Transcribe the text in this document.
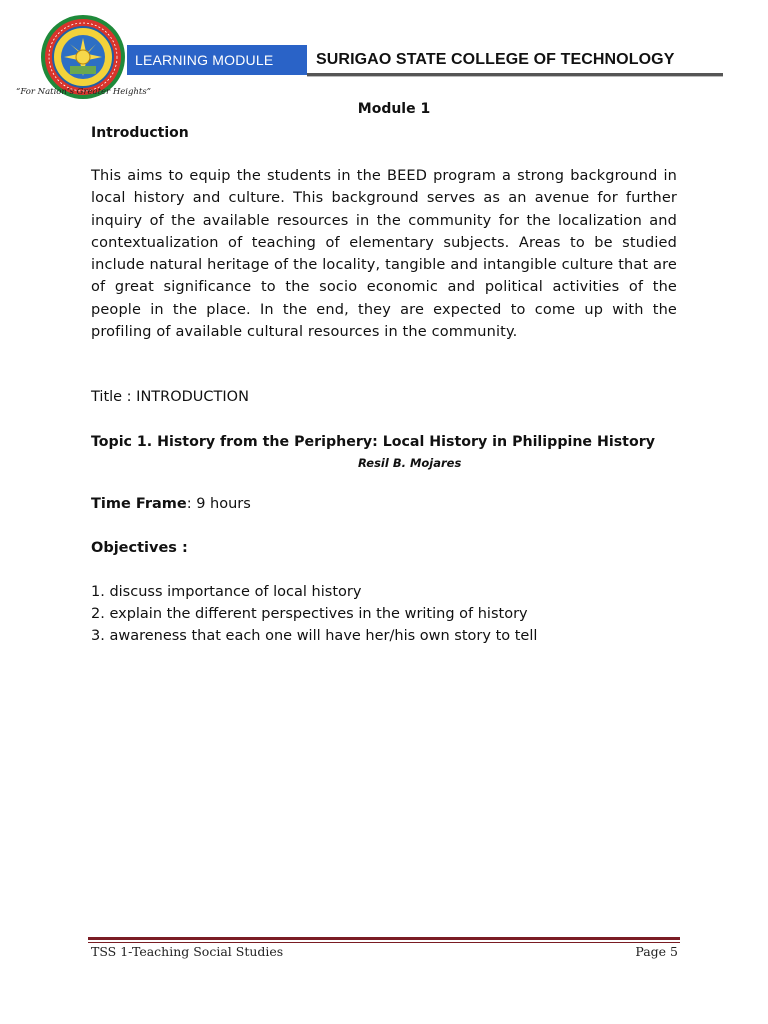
LEARNING MODULE	SURIGAO STATE COLLEGE OF TECHNOLOGY
“For Nation’s Greater Heights”

Module 1

Introduction

This aims to equip the students in the BEED program a strong background in local history and culture. This background serves as an avenue for further inquiry of the available resources in the community for the localization and contextualization of teaching of elementary subjects. Areas to be studied include natural heritage of the locality, tangible and intangible culture that are of great significance to the socio economic and political activities of the people in the place. In the end, they are expected to come up with the profiling of available cultural resources in the community.

Title : INTRODUCTION

Topic 1. History from the Periphery: Local History in Philippine History

Resil B. Mojares

Time Frame: 9 hours

Objectives :

1. discuss importance of local history
2. explain the different perspectives in the writing of history
3. awareness that each one will have her/his own story to tell
TSS 1-Teaching Social Studies	Page 5
